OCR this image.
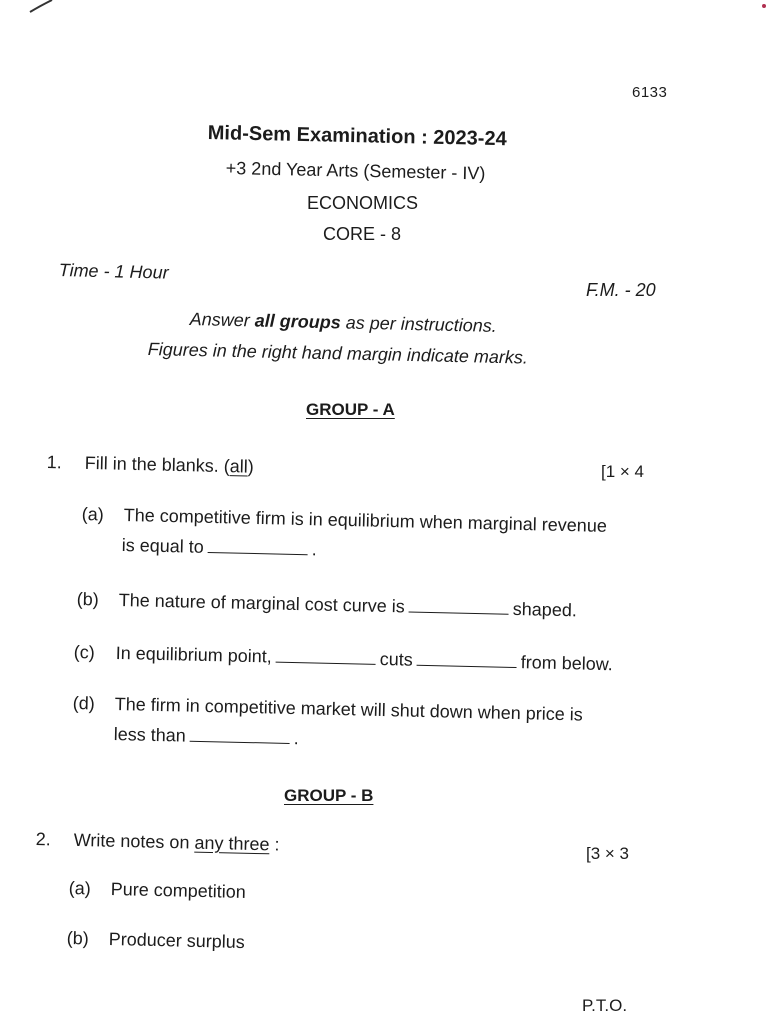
6133
Mid-Sem Examination : 2023-24
+3 2nd Year Arts (Semester - IV)
ECONOMICS
CORE - 8
Time - 1 Hour
F.M. - 20
Answer all groups as per instructions.
Figures in the right hand margin indicate marks.
GROUP - A
1. Fill in the blanks. (all)	[1 × 4
(a) The competitive firm is in equilibrium when marginal revenue
is equal to	.
(b) The nature of marginal cost curve is	shaped.
(c) In equilibrium point,	cuts	from below.
(d) The firm in competitive market will shut down when price is
less than	.
GROUP - B
2. Write notes on any three :	[3 × 3
(a) Pure competition
(b) Producer surplus
P.T.O.
